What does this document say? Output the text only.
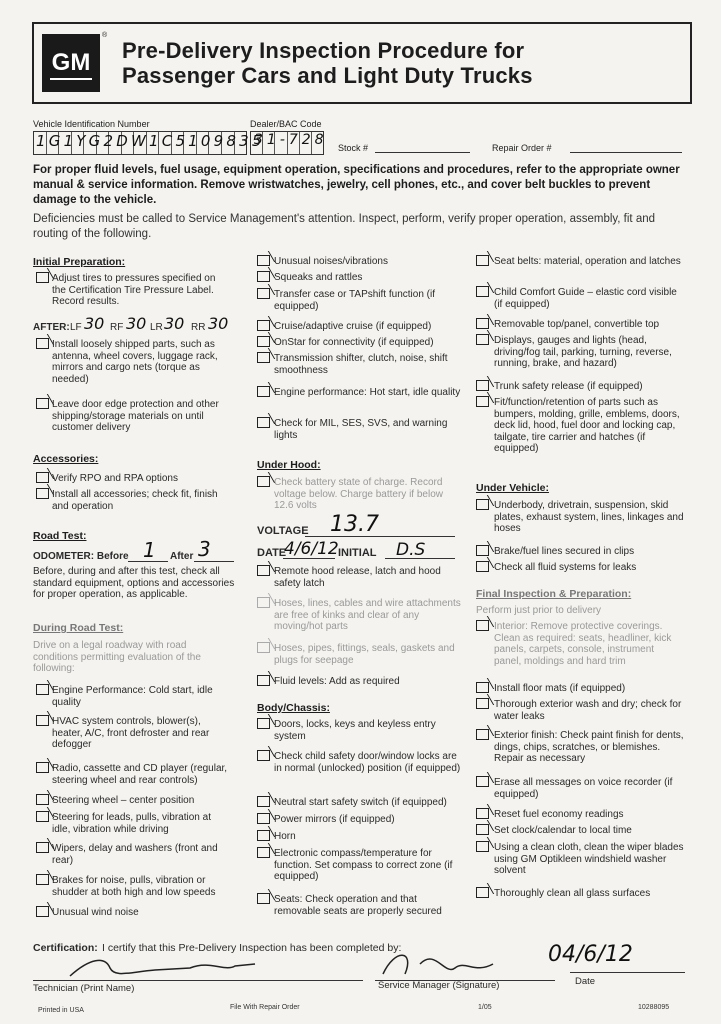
GM
®
Pre-Delivery Inspection Procedure for
Passenger Cars and Light Duty Trucks
Vehicle Identification Number
1G1YG2DW1C5109835
Dealer/BAC Code
31-728 Stock #	Repair Order #
For proper fluid levels, fuel usage, equipment operation, specifications and procedures, refer to the appropriate owner manual & service information. Remove wristwatches, jewelry, cell phones, etc., and cover belt buckles to prevent damage to the vehicle.
Deficiencies must be called to Service Management's attention. Inspect, perform, verify proper operation, assembly, fit and routing of the following.
Initial Preparation:
Adjust tires to pressures specified on the Certification Tire Pressure Label. Record results.
AFTER: LF 30 RF 30 LR 30 RR 30
Install loosely shipped parts, such as antenna, wheel covers, luggage rack, mirrors and cargo nets (torque as needed)
Leave door edge protection and other shipping/storage materials on until customer delivery
Accessories:
Verify RPO and RPA options
Install all accessories; check fit, finish and operation
Road Test:
ODOMETER: Before 1 After 3
Before, during and after this test, check all standard equipment, options and accessories for proper operation, as applicable.
During Road Test:
Drive on a legal roadway with road conditions permitting evaluation of the following:
Engine Performance: Cold start, idle quality
HVAC system controls, blower(s), heater, A/C, front defroster and rear defogger
Radio, cassette and CD player (regular, steering wheel and rear controls)
Steering wheel – center position
Steering for leads, pulls, vibration at idle, vibration while driving
Wipers, delay and washers (front and rear)
Brakes for noise, pulls, vibration or shudder at both high and low speeds
Unusual wind noise
Unusual noises/vibrations
Squeaks and rattles
Transfer case or TAPshift function (if equipped)
Cruise/adaptive cruise (if equipped)
OnStar for connectivity (if equipped)
Transmission shifter, clutch, noise, shift smoothness
Engine performance: Hot start, idle quality
Check for MIL, SES, SVS, and warning lights
Under Hood:
Check battery state of charge. Record voltage below. Charge battery if below 12.6 volts
VOLTAGE 13.7
DATE
4/6/12 INITIAL D.S
Remote hood release, latch and hood safety latch
Hoses, lines, cables and wire attachments are free of kinks and clear of any moving/hot parts
Hoses, pipes, fittings, seals, gaskets and plugs for seepage
Fluid levels: Add as required
Body/Chassis:
Doors, locks, keys and keyless entry system
Check child safety door/window locks are in normal (unlocked) position (if equipped)
Neutral start safety switch (if equipped)
Power mirrors (if equipped)
Horn
Electronic compass/temperature for function. Set compass to correct zone (if equipped)
Seats: Check operation and that removable seats are properly secured
Seat belts: material, operation and latches
Child Comfort Guide – elastic cord visible (if equipped)
Removable top/panel, convertible top
Displays, gauges and lights (head, driving/fog tail, parking, turning, reverse, running, brake, and hazard)
Trunk safety release (if equipped)
Fit/function/retention of parts such as bumpers, molding, grille, emblems, doors, deck lid, hood, fuel door and locking cap, tailgate, tire carrier and hatches (if equipped)
Under Vehicle:
Underbody, drivetrain, suspension, skid plates, exhaust system, lines, linkages and hoses
Brake/fuel lines secured in clips
Check all fluid systems for leaks
Final Inspection & Preparation:
Perform just prior to delivery
Interior: Remove protective coverings. Clean as required: seats, headliner, kick panels, carpets, console, instrument panel, moldings and hard trim
Install floor mats (if equipped)
Thorough exterior wash and dry; check for water leaks
Exterior finish: Check paint finish for dents, dings, chips, scratches, or blemishes. Repair as necessary
Erase all messages on voice recorder (if equipped)
Reset fuel economy readings
Set clock/calendar to local time
Using a clean cloth, clean the wiper blades using GM Optikleen windshield washer solvent
Thoroughly clean all glass surfaces
Certification: I certify that this Pre-Delivery Inspection has been completed by:	04/6/12
Technician (Print Name)	Service Manager (Signature)	Date
Printed in USA	File With Repair Order	1/05	10288095
